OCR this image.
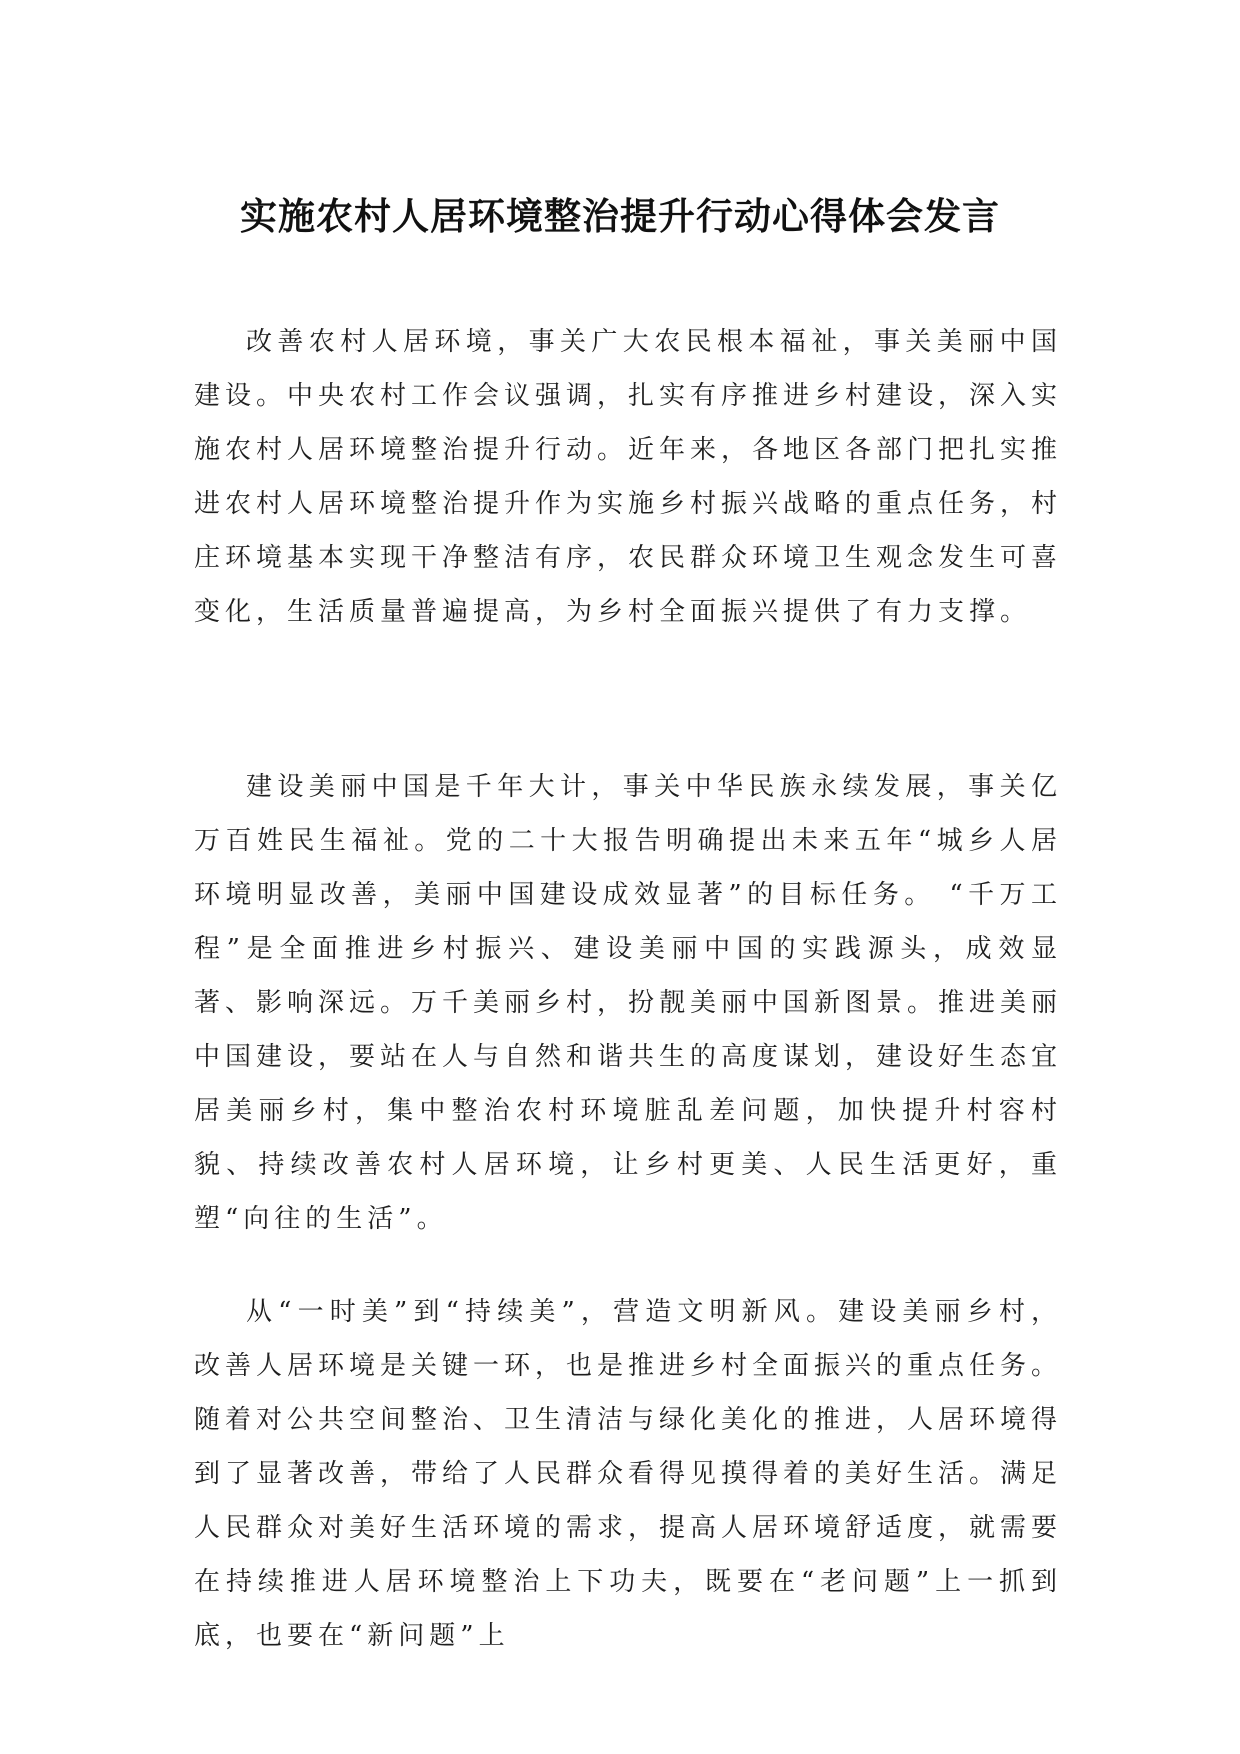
实施农村人居环境整治提升行动心得体会发言

改善农村人居环境，事关广大农民根本福祉，事关美丽中国建设。中央农村工作会议强调，扎实有序推进乡村建设，深入实施农村人居环境整治提升行动。近年来，各地区各部门把扎实推进农村人居环境整治提升作为实施乡村振兴战略的重点任务，村庄环境基本实现干净整洁有序，农民群众环境卫生观念发生可喜变化，生活质量普遍提高，为乡村全面振兴提供了有力支撑。

建设美丽中国是千年大计，事关中华民族永续发展，事关亿万百姓民生福祉。党的二十大报告明确提出未来五年“城乡人居环境明显改善，美丽中国建设成效显著”的目标任务。 “千万工程”是全面推进乡村振兴、建设美丽中国的实践源头，成效显著、影响深远。万千美丽乡村，扮靓美丽中国新图景。推进美丽中国建设，要站在人与自然和谐共生的高度谋划，建设好生态宜居美丽乡村，集中整治农村环境脏乱差问题，加快提升村容村貌、持续改善农村人居环境，让乡村更美、人民生活更好，重塑“向往的生活”。

从“一时美”到“持续美”，营造文明新风。建设美丽乡村，改善人居环境是关键一环，也是推进乡村全面振兴的重点任务。随着对公共空间整治、卫生清洁与绿化美化的推进，人居环境得到了显著改善，带给了人民群众看得见摸得着的美好生活。满足人民群众对美好生活环境的需求，提高人居环境舒适度，就需要在持续推进人居环境整治上下功夫，既要在“老问题”上一抓到底，也要在“新问题”上
